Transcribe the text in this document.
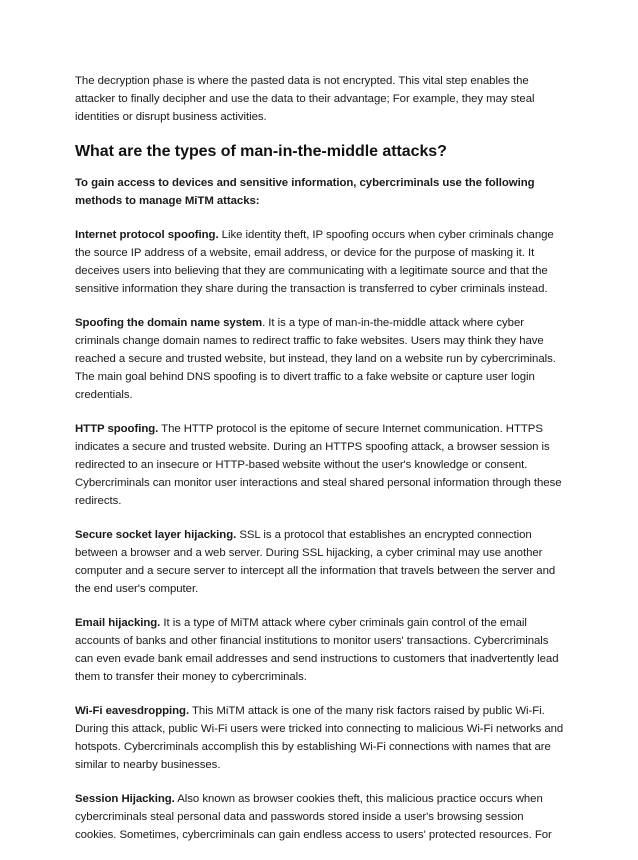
The decryption phase is where the pasted data is not encrypted. This vital step enables the attacker to finally decipher and use the data to their advantage; For example, they may steal identities or disrupt business activities.

What are the types of man-in-the-middle attacks?

To gain access to devices and sensitive information, cybercriminals use the following methods to manage MiTM attacks:

Internet protocol spoofing. Like identity theft, IP spoofing occurs when cyber criminals change the source IP address of a website, email address, or device for the purpose of masking it. It deceives users into believing that they are communicating with a legitimate source and that the sensitive information they share during the transaction is transferred to cyber criminals instead.

Spoofing the domain name system. It is a type of man-in-the-middle attack where cyber criminals change domain names to redirect traffic to fake websites. Users may think they have reached a secure and trusted website, but instead, they land on a website run by cybercriminals. The main goal behind DNS spoofing is to divert traffic to a fake website or capture user login credentials.

HTTP spoofing. The HTTP protocol is the epitome of secure Internet communication. HTTPS indicates a secure and trusted website. During an HTTPS spoofing attack, a browser session is redirected to an insecure or HTTP-based website without the user's knowledge or consent. Cybercriminals can monitor user interactions and steal shared personal information through these redirects.

Secure socket layer hijacking. SSL is a protocol that establishes an encrypted connection between a browser and a web server. During SSL hijacking, a cyber criminal may use another computer and a secure server to intercept all the information that travels between the server and the end user's computer.

Email hijacking. It is a type of MiTM attack where cyber criminals gain control of the email accounts of banks and other financial institutions to monitor users' transactions. Cybercriminals can even evade bank email addresses and send instructions to customers that inadvertently lead them to transfer their money to cybercriminals.

Wi-Fi eavesdropping. This MiTM attack is one of the many risk factors raised by public Wi-Fi. During this attack, public Wi-Fi users were tricked into connecting to malicious Wi-Fi networks and hotspots. Cybercriminals accomplish this by establishing Wi-Fi connections with names that are similar to nearby businesses.

Session Hijacking. Also known as browser cookies theft, this malicious practice occurs when cybercriminals steal personal data and passwords stored inside a user's browsing session cookies. Sometimes, cybercriminals can gain endless access to users' protected resources. For
